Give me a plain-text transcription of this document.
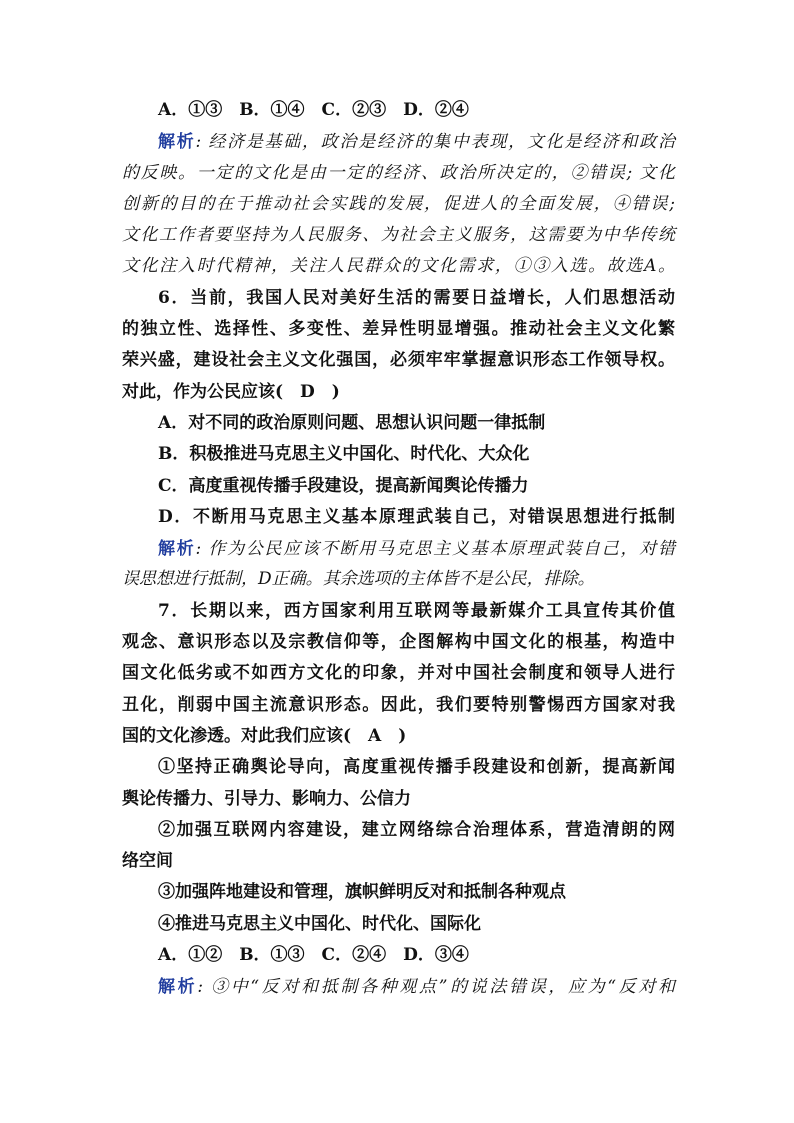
A．①③　B．①④　C．②③　D．②④
解析: 经济是基础，政治是经济的集中表现，文化是经济和政治
的反映。一定的文化是由一定的经济、政治所决定的，②错误; 文化
创新的目的在于推动社会实践的发展，促进人的全面发展，④错误;
文化工作者要坚持为人民服务、为社会主义服务，这需要为中华传统
文化注入时代精神，关注人民群众的文化需求，①③入选。故选A。
6．当前，我国人民对美好生活的需要日益增长，人们思想活动
的独立性、选择性、多变性、差异性明显增强。推动社会主义文化繁
荣兴盛，建设社会主义文化强国，必须牢牢掌握意识形态工作领导权。
对此，作为公民应该(　D　)
A．对不同的政治原则问题、思想认识问题一律抵制
B．积极推进马克思主义中国化、时代化、大众化
C．高度重视传播手段建设，提高新闻舆论传播力
D．不断用马克思主义基本原理武装自己，对错误思想进行抵制
解析: 作为公民应该不断用马克思主义基本原理武装自己，对错
误思想进行抵制，D正确。其余选项的主体皆不是公民，排除。
7．长期以来，西方国家利用互联网等最新媒介工具宣传其价值
观念、意识形态以及宗教信仰等，企图解构中国文化的根基，构造中
国文化低劣或不如西方文化的印象，并对中国社会制度和领导人进行
丑化，削弱中国主流意识形态。因此，我们要特别警惕西方国家对我
国的文化渗透。对此我们应该(　A　)
①坚持正确舆论导向，高度重视传播手段建设和创新，提高新闻
舆论传播力、引导力、影响力、公信力
②加强互联网内容建设，建立网络综合治理体系，营造清朗的网
络空间
③加强阵地建设和管理，旗帜鲜明反对和抵制各种观点
④推进马克思主义中国化、时代化、国际化
A．①②　B．①③　C．②④　D．③④
解析: ③中“反对和抵制各种观点”的说法错误，应为“反对和
